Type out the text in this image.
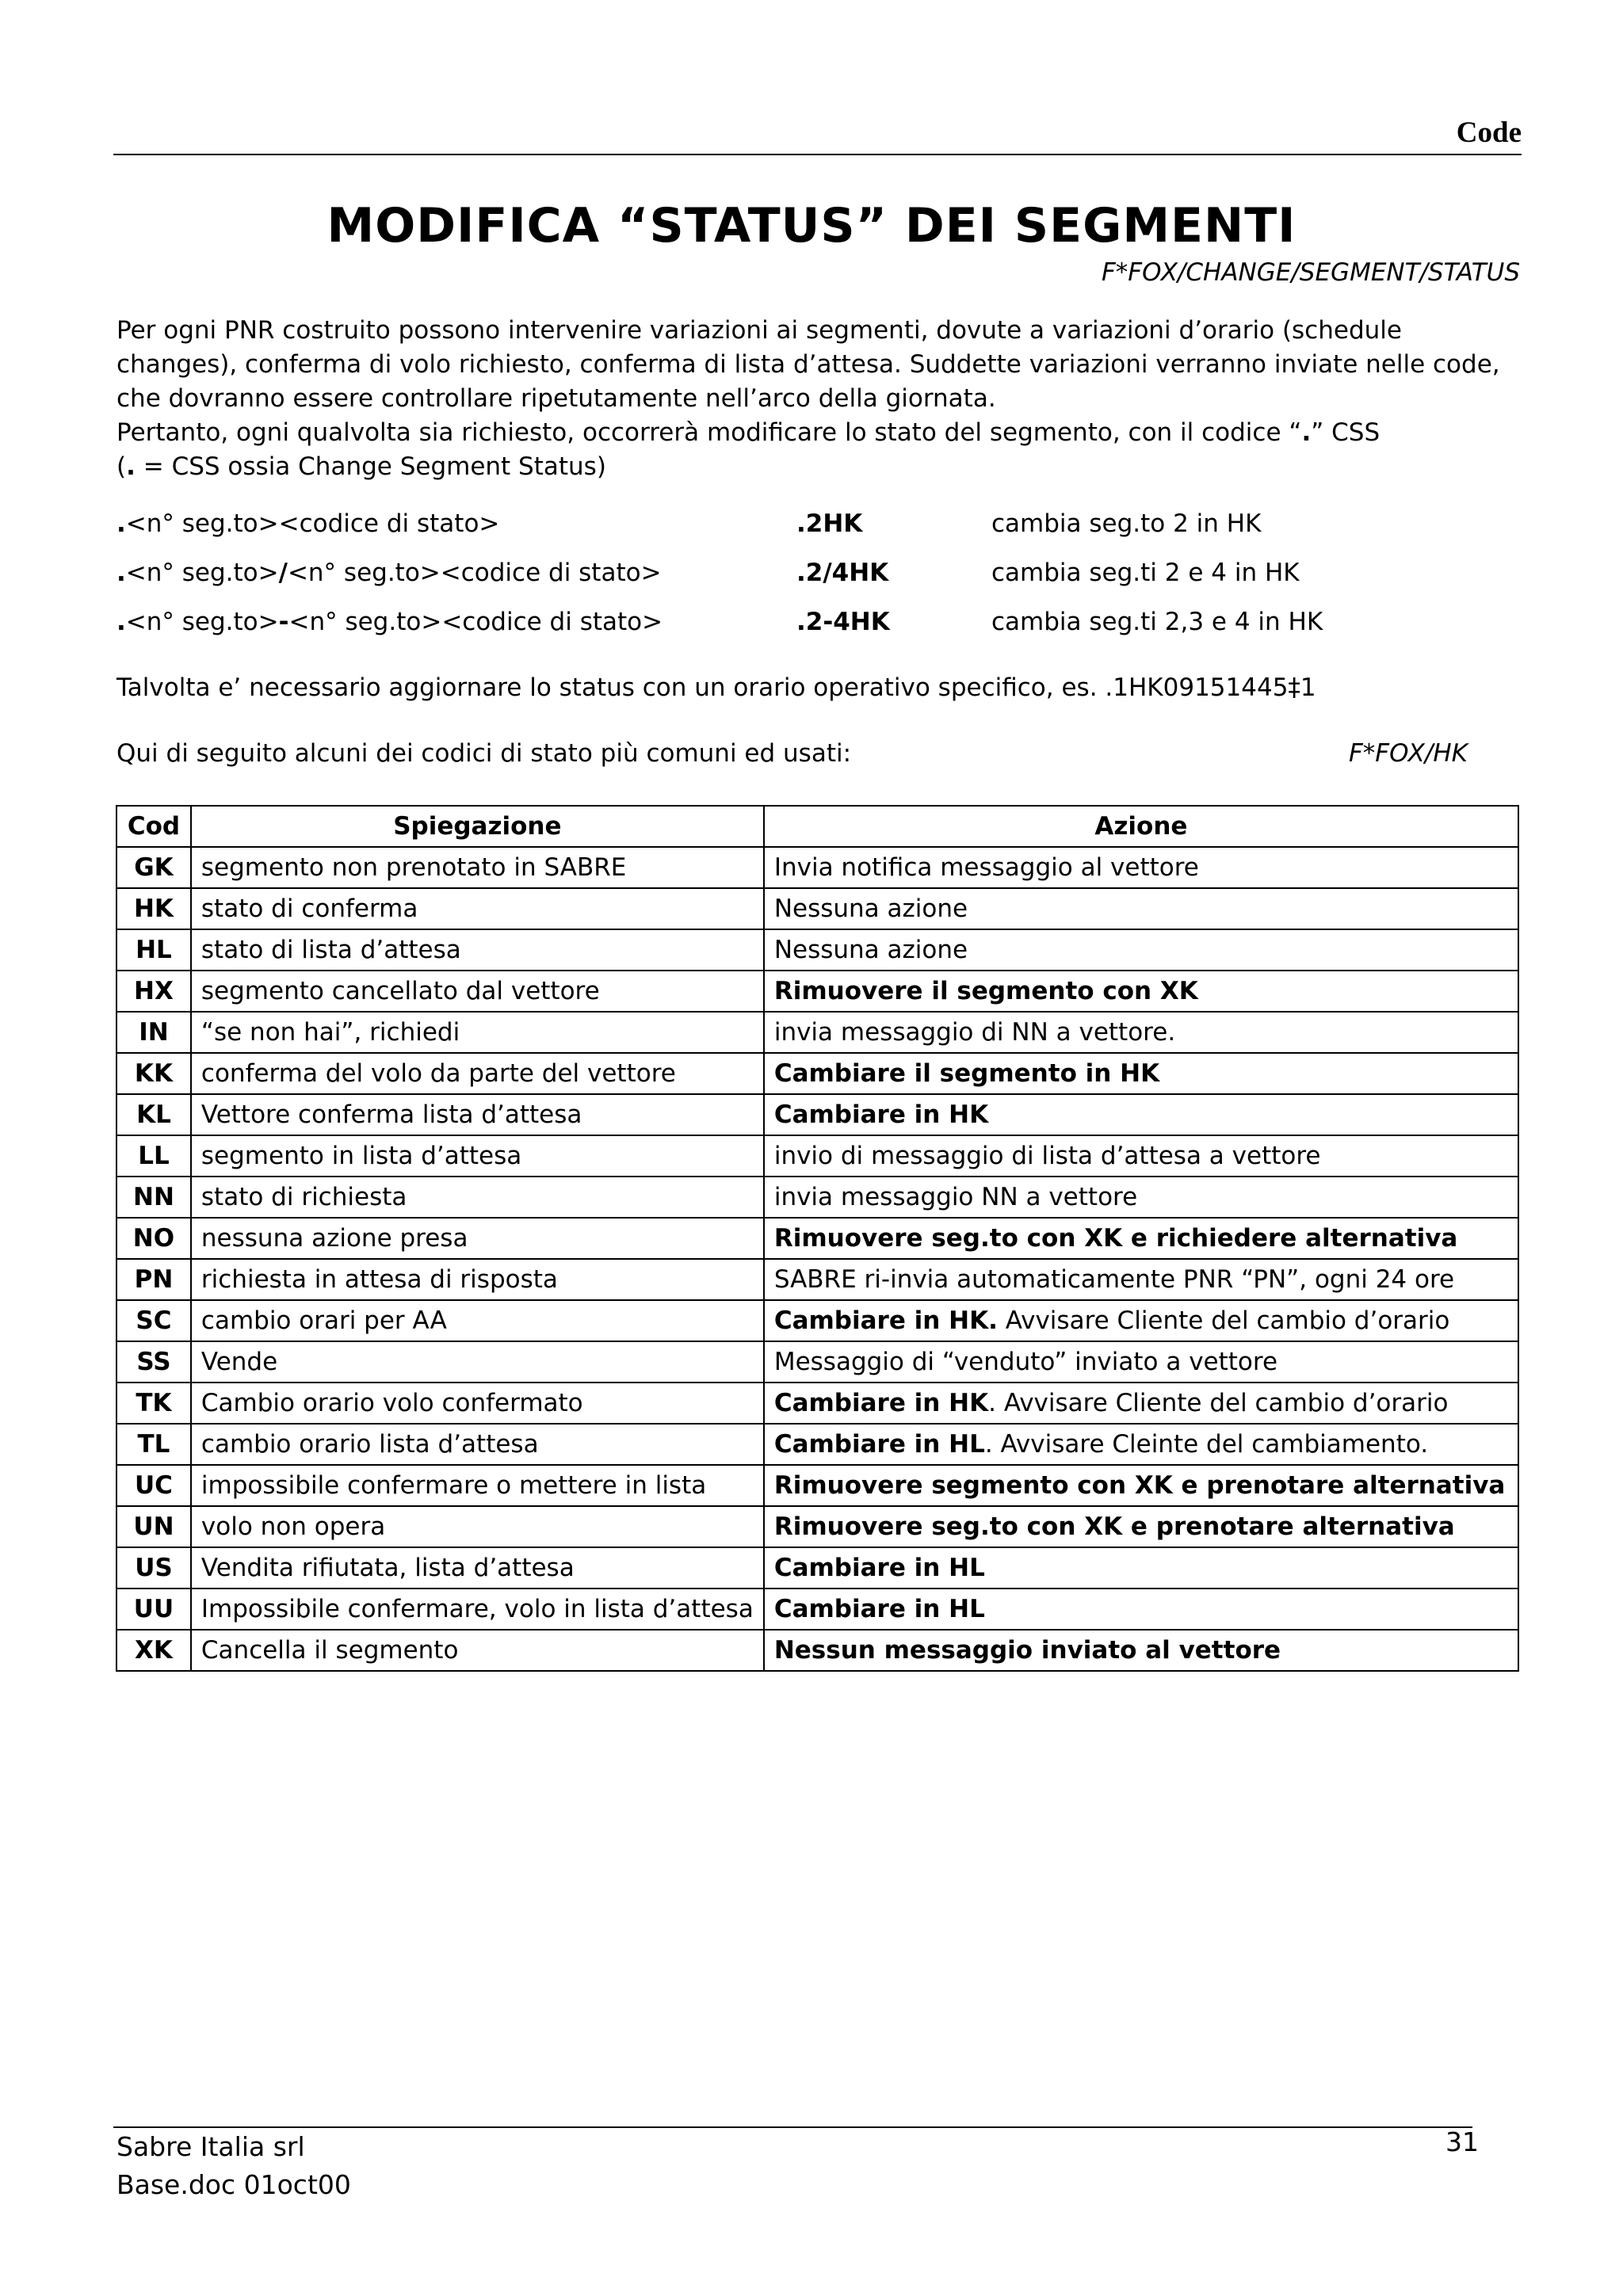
Code
MODIFICA “STATUS” DEI SEGMENTI
F*FOX/CHANGE/SEGMENT/STATUS

Per ogni PNR costruito possono intervenire variazioni ai segmenti, dovute a variazioni d’orario (schedule changes), conferma di volo richiesto, conferma di lista d’attesa. Suddette variazioni verranno inviate nelle code, che dovranno essere controllare ripetutamente nell’arco della giornata.

Pertanto, ogni qualvolta sia richiesto, occorrerà modificare lo stato del segmento, con il codice “.” CSS

(. = CSS ossia Change Segment Status)

.<n° seg.to><codice di stato>	.2HK	cambia seg.to 2 in HK
.<n° seg.to>/<n° seg.to><codice di stato>	.2/4HK	cambia seg.ti 2 e 4 in HK
.<n° seg.to>-<n° seg.to><codice di stato>	.2-4HK	cambia seg.ti 2,3 e 4 in HK
Talvolta e’ necessario aggiornare lo status con un orario operativo specifico, es. .1HK09151445‡1
Qui di seguito alcuni dei codici di stato più comuni ed usati:	F*FOX/HK
Cod	Spiegazione	Azione
GK	segmento non prenotato in SABRE	Invia notifica messaggio al vettore
HK	stato di conferma	Nessuna azione
HL	stato di lista d’attesa	Nessuna azione
HX	segmento cancellato dal vettore	Rimuovere il segmento con XK
IN	“se non hai”, richiedi	invia messaggio di NN a vettore.
KK	conferma del volo da parte del vettore	Cambiare il segmento in HK
KL	Vettore conferma lista d’attesa	Cambiare in HK
LL	segmento in lista d’attesa	invio di messaggio di lista d’attesa a vettore
NN	stato di richiesta	invia messaggio NN a vettore
NO	nessuna azione presa	Rimuovere seg.to con XK e richiedere alternativa
PN	richiesta in attesa di risposta	SABRE ri-invia automaticamente PNR “PN”, ogni 24 ore
SC	cambio orari per AA	Cambiare in HK. Avvisare Cliente del cambio d’orario
SS	Vende	Messaggio di “venduto” inviato a vettore
TK	Cambio orario volo confermato	Cambiare in HK. Avvisare Cliente del cambio d’orario
TL	cambio orario lista d’attesa	Cambiare in HL. Avvisare Cleinte del cambiamento.
UC	impossibile confermare o mettere in lista	Rimuovere segmento con XK e prenotare alternativa
UN	volo non opera	Rimuovere seg.to con XK e prenotare alternativa
US	Vendita rifiutata, lista d’attesa	Cambiare in HL
UU	Impossibile confermare, volo in lista d’attesa	Cambiare in HL
XK	Cancella il segmento	Nessun messaggio inviato al vettore
Sabre Italia srl
Base.doc 01oct00
31
